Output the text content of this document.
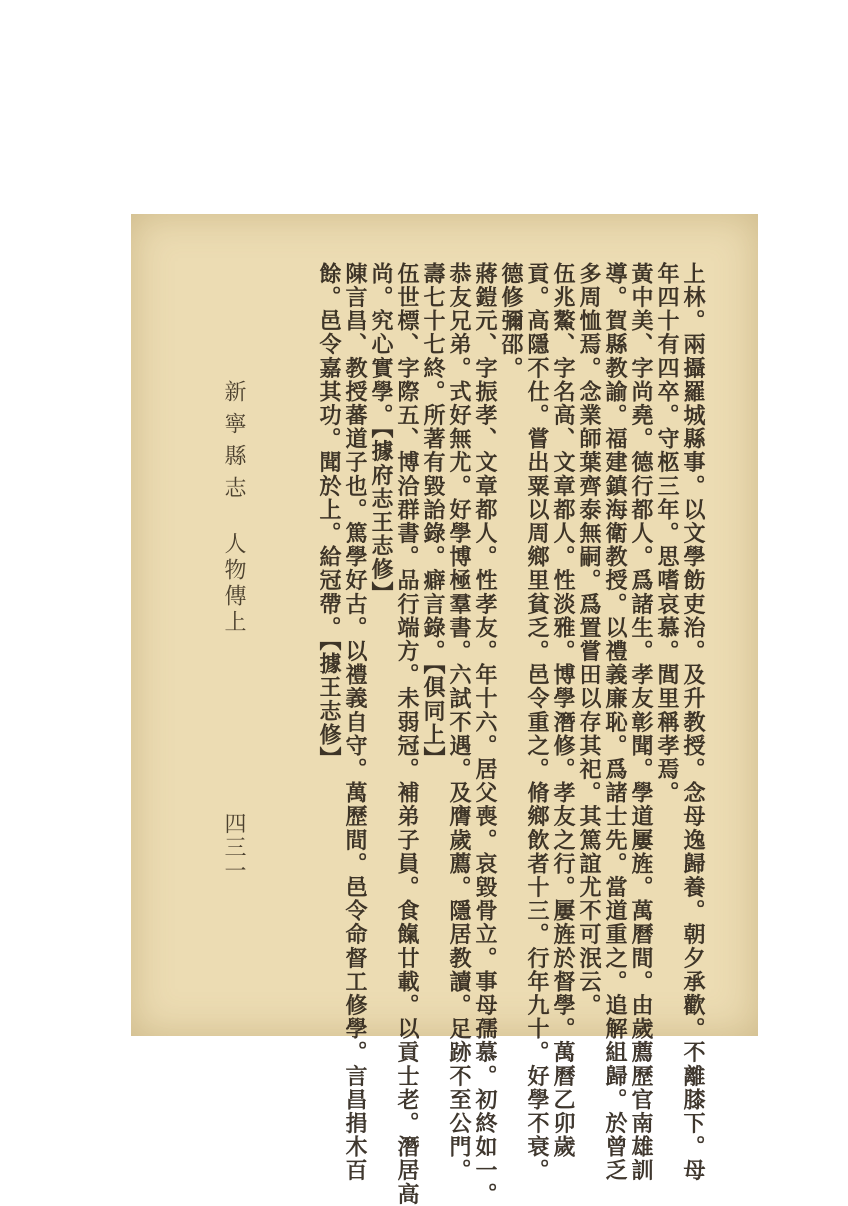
上林。兩攝羅城縣事。以文學飭吏治。及升教授。念母逸歸養。朝夕承歡。不離膝下。母
年四十有四卒。守柩三年。思嗜哀慕。閭里稱孝焉。
黃中美、字尚堯。德行都人。爲諸生。孝友彰聞。學道屢旌。萬曆間。由歲薦歷官南雄訓
導。賀縣教諭。福建鎮海衛教授。以禮義廉恥。爲諸士先。當道重之。追解組歸。於曾乏
多周恤焉。念業師葉齊泰無嗣。爲置嘗田以存其祀。其篤誼尤不可泯云。
伍兆鰲、字名高、文章都人。性淡雅。博學潛修。孝友之行。屢旌於督學。萬曆乙卯歲
貢。高隱不仕。嘗出粟以周鄉里貧乏。邑令重之。脩鄉飲者十三。行年九十。好學不衰。
德修彌邵。
蔣鎧元、字振孝、文章都人。性孝友。年十六。居父喪。哀毀骨立。事母孺慕。初終如一。
恭友兄弟。式好無尤。好學博極羣書。六試不遇。及膺歲薦。隱居教讀。足跡不至公門。
壽七十七終。所著有毀詒錄。癖言錄。【俱同上】
伍世標、字際五、博洽群書。品行端方。未弱冠。補弟子員。食餼廿載。以貢士老。潛居高
尚。究心實學。【據府志王志修】
陳言昌、教授蕃道子也。篤學好古。以禮義自守。萬歷間。邑令命督工修學。言昌捐木百
餘。邑令嘉其功。聞於上。給冠帶。【據王志修】
新寧縣志
人物傳上
四三一
